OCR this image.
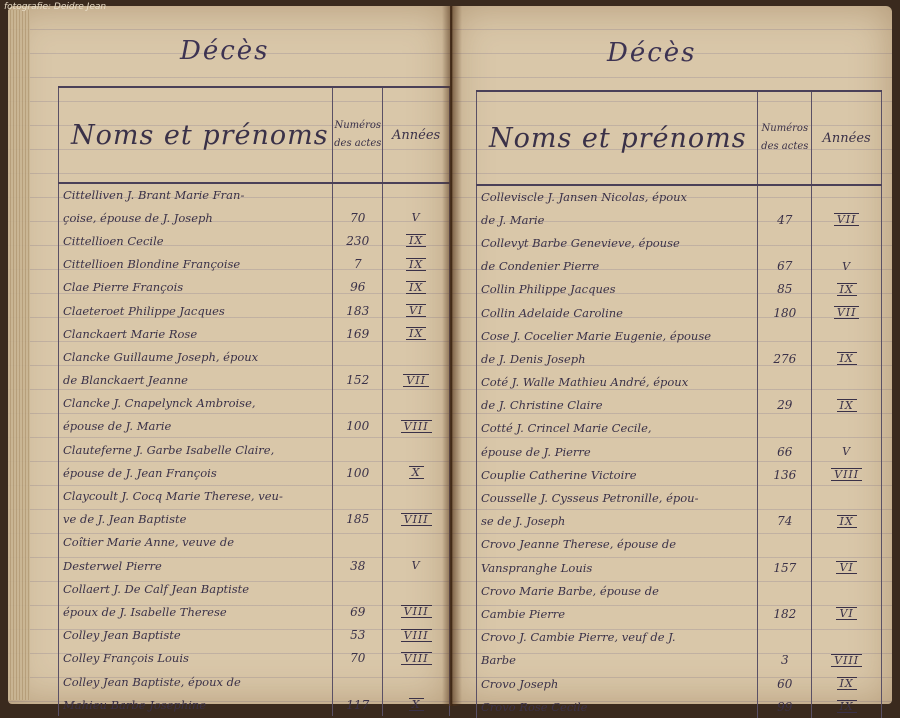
fotografie: Deidre Jean
Décès
Noms et prénoms	Numéros des actes	Années
Cittelliven J. Brant Marie Fran-		
çoise, épouse de J. Joseph	70	V
Cittellioen Cecile	230	IX
Cittellioen Blondine Françoise	7	IX
Clae Pierre François	96	IX
Claeteroet Philippe Jacques	183	VI
Clanckaert Marie Rose	169	IX
Clancke Guillaume Joseph, époux		
de Blanckaert Jeanne	152	VII
Clancke J. Cnapelynck Ambroise,		
épouse de J. Marie	100	VIII
Clauteferne J. Garbe Isabelle Claire,		
épouse de J. Jean François	100	X
Claycoult J. Cocq Marie Therese, veu-		
ve de J. Jean Baptiste	185	VIII
Coîtier Marie Anne, veuve de		
Desterwel Pierre	38	V
Collaert J. De Calf Jean Baptiste		
époux de J. Isabelle Therese	69	VIII
Colley Jean Baptiste	53	VIII
Colley François Louis	70	VIII
Colley Jean Baptiste, époux de		
Mahieu Barbe Josephine	117	X
Décès
Noms et prénoms	Numéros des actes	Années
Colleviscle J. Jansen Nicolas, époux		
de J. Marie	47	VII
Collevyt Barbe Genevieve, épouse		
de Condenier Pierre	67	V
Collin Philippe Jacques	85	IX
Collin Adelaide Caroline	180	VII
Cose J. Cocelier Marie Eugenie, épouse		
de J. Denis Joseph	276	IX
Coté J. Walle Mathieu André, époux		
de J. Christine Claire	29	IX
Cotté J. Crincel Marie Cecile,		
épouse de J. Pierre	66	V
Couplie Catherine Victoire	136	VIII
Cousselle J. Cysseus Petronille, épou-		
se de J. Joseph	74	IX
Crovo Jeanne Therese, épouse de		
Vanspranghe Louis	157	VI
Crovo Marie Barbe, épouse de		
Cambie Pierre	182	VI
Crovo J. Cambie Pierre, veuf de J.		
Barbe	3	VIII
Crovo Joseph	60	IX
Crovo Rose Cecile	99	IX
